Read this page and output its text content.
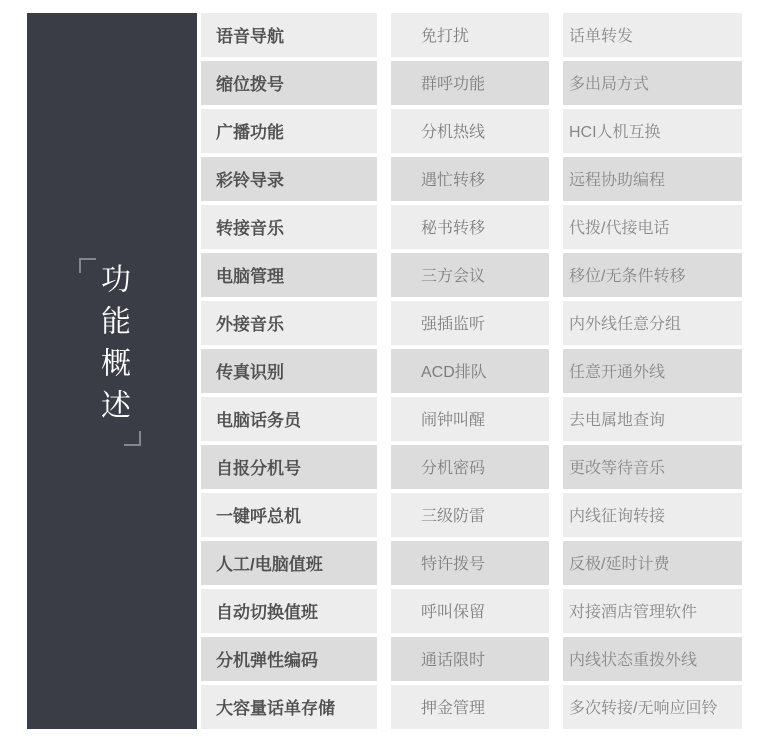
功能概述
语音导航	免打扰	话单转发
缩位拨号	群呼功能	多出局方式
广播功能	分机热线	HCI人机互换
彩铃导录	遇忙转移	远程协助编程
转接音乐	秘书转移	代拨/代接电话
电脑管理	三方会议	移位/无条件转移
外接音乐	强插监听	内外线任意分组
传真识别	ACD排队	任意开通外线
电脑话务员	闹钟叫醒	去电属地查询
自报分机号	分机密码	更改等待音乐
一键呼总机	三级防雷	内线征询转接
人工/电脑值班	特许拨号	反极/延时计费
自动切换值班	呼叫保留	对接酒店管理软件
分机弹性编码	通话限时	内线状态重拨外线
大容量话单存储	押金管理	多次转接/无响应回铃
